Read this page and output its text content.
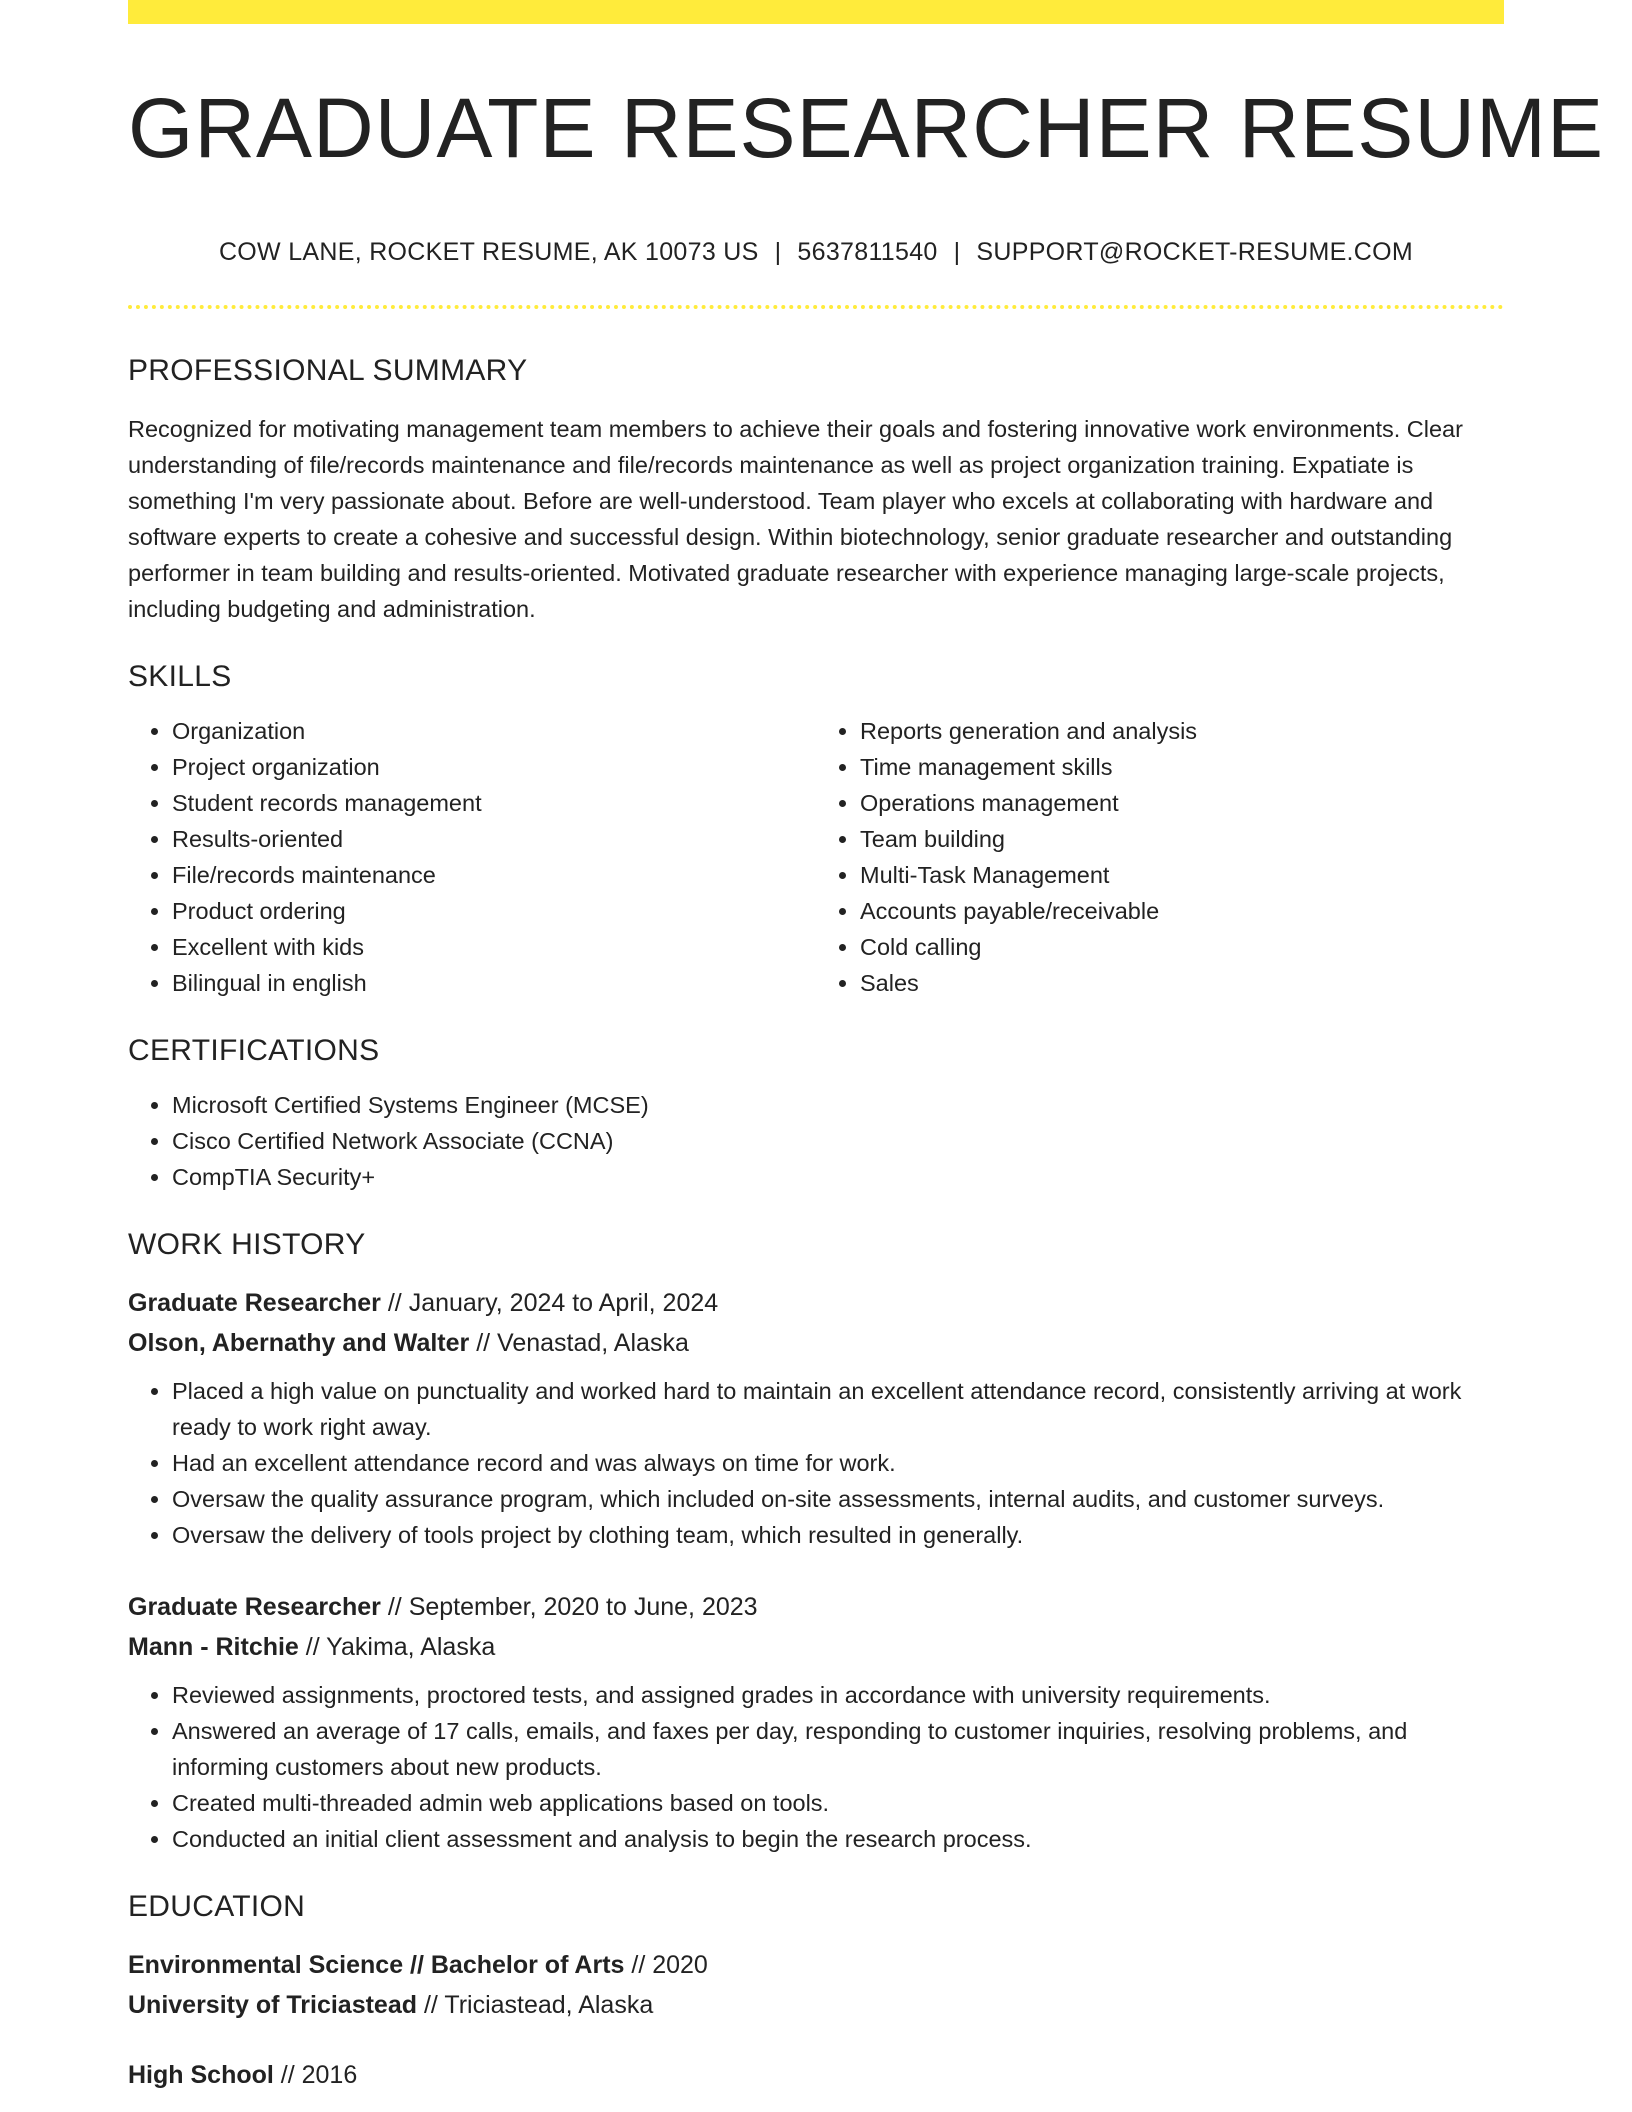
GRADUATE RESEARCHER RESUME
COW LANE, ROCKET RESUME, AK 10073 US | 5637811540 | SUPPORT@ROCKET-RESUME.COM
PROFESSIONAL SUMMARY

Recognized for motivating management team members to achieve their goals and fostering innovative work environments. Clear understanding of file/records maintenance and file/records maintenance as well as project organization training. Expatiate is something I'm very passionate about. Before are well-understood. Team player who excels at collaborating with hardware and software experts to create a cohesive and successful design. Within biotechnology, senior graduate researcher and outstanding performer in team building and results-oriented. Motivated graduate researcher with experience managing large-scale projects, including budgeting and administration.

SKILLS
• Organization
• Project organization
• Student records management
• Results-oriented
• File/records maintenance
• Product ordering
• Excellent with kids
• Bilingual in english
• Reports generation and analysis
• Time management skills
• Operations management
• Team building
• Multi-Task Management
• Accounts payable/receivable
• Cold calling
• Sales
CERTIFICATIONS
• Microsoft Certified Systems Engineer (MCSE)
• Cisco Certified Network Associate (CCNA)
• CompTIA Security+
WORK HISTORY
Graduate Researcher // January, 2024 to April, 2024
Olson, Abernathy and Walter // Venastad, Alaska
• Placed a high value on punctuality and worked hard to maintain an excellent attendance record, consistently arriving at work ready to work right away.
• Had an excellent attendance record and was always on time for work.
• Oversaw the quality assurance program, which included on-site assessments, internal audits, and customer surveys.
• Oversaw the delivery of tools project by clothing team, which resulted in generally.
Graduate Researcher // September, 2020 to June, 2023
Mann - Ritchie // Yakima, Alaska
• Reviewed assignments, proctored tests, and assigned grades in accordance with university requirements.
• Answered an average of 17 calls, emails, and faxes per day, responding to customer inquiries, resolving problems, and informing customers about new products.
• Created multi-threaded admin web applications based on tools.
• Conducted an initial client assessment and analysis to begin the research process.
EDUCATION
Environmental Science // Bachelor of Arts // 2020
University of Triciastead // Triciastead, Alaska
High School // 2016
